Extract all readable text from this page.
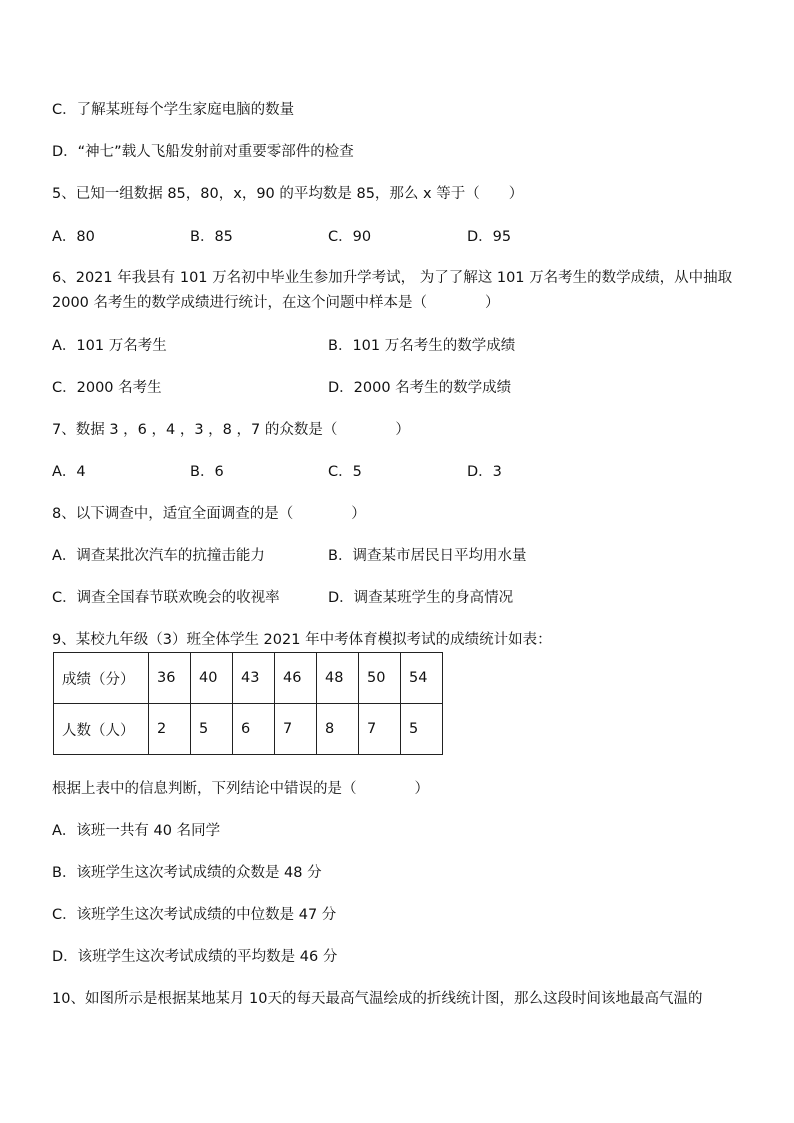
C．了解某班每个学生家庭电脑的数量
D．“神七”载人飞船发射前对重要零部件的检查
5、已知一组数据 85，80，x，90 的平均数是 85，那么 x 等于（　　）
A．80	B．85	C．90	D．95
6、2021 年我县有 101 万名初中毕业生参加升学考试， 为了了解这 101 万名考生的数学成绩，从中抽取
2000 名考生的数学成绩进行统计，在这个问题中样本是（　　　　）
A．101 万名考生	B．101 万名考生的数学成绩
C．2000 名考生	D．2000 名考生的数学成绩
7、数据 3 ，6 ，4 ，3 ，8 ，7 的众数是（　　　　）
A．4	B．6	C．5	D．3
8、以下调查中，适宜全面调查的是（　　　　）
A．调查某批次汽车的抗撞击能力	B．调查某市居民日平均用水量
C．调查全国春节联欢晚会的收视率	D．调查某班学生的身高情况
9、某校九年级（3）班全体学生 2021 年中考体育模拟考试的成绩统计如表：
成绩（分）	36	40	43	46	48	50	54
人数（人）	2	5	6	7	8	7	5
根据上表中的信息判断，下列结论中错误的是（　　　　）
A．该班一共有 40 名同学
B．该班学生这次考试成绩的众数是 48 分
C．该班学生这次考试成绩的中位数是 47 分
D．该班学生这次考试成绩的平均数是 46 分
10、如图所示是根据某地某月 10天的每天最高气温绘成的折线统计图，那么这段时间该地最高气温的
